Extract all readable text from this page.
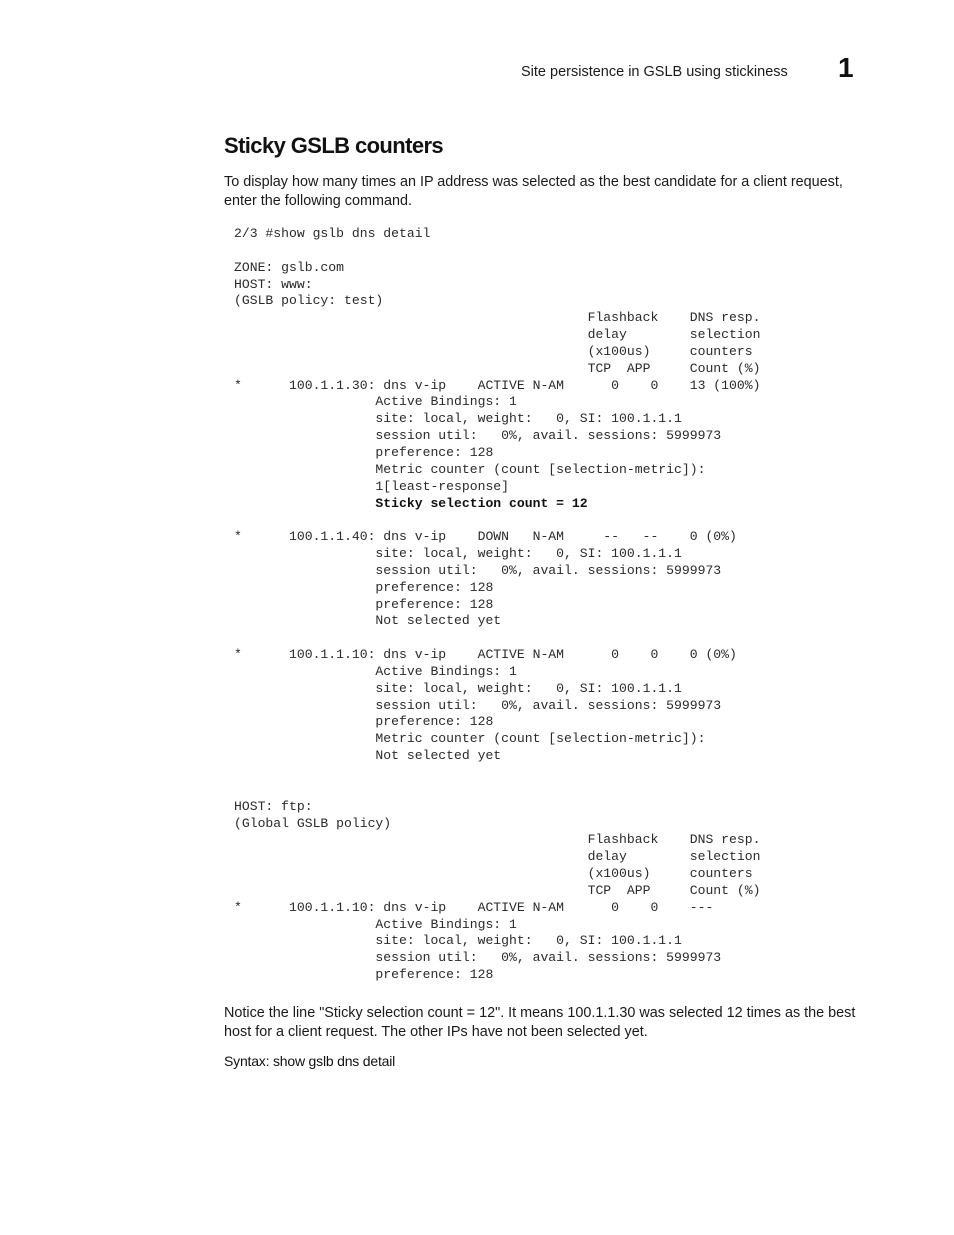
Site persistence in GSLB using stickiness 1
Sticky GSLB counters

To display how many times an IP address was selected as the best candidate for a client request, enter the following command.

2/3 #show gslb dns detail
ZONE: gslb.com
HOST: www:
(GSLB policy: test)
Flashback    DNS resp.
delay        selection
(x100us)     counters
TCP  APP     Count (%)
*      100.1.1.30: dns v-ip    ACTIVE N-AM      0    0    13 (100%)
Active Bindings: 1
site: local, weight:   0, SI: 100.1.1.1
session util:   0%, avail. sessions: 5999973
preference: 128
Metric counter (count [selection-metric]):
1[least-response]
Sticky selection count = 12
*      100.1.1.40: dns v-ip    DOWN   N-AM     --   --    0 (0%)
site: local, weight:   0, SI: 100.1.1.1
session util:   0%, avail. sessions: 5999973
preference: 128
preference: 128
Not selected yet
*      100.1.1.10: dns v-ip    ACTIVE N-AM      0    0    0 (0%)
Active Bindings: 1
site: local, weight:   0, SI: 100.1.1.1
session util:   0%, avail. sessions: 5999973
preference: 128
Metric counter (count [selection-metric]):
Not selected yet
HOST: ftp:
(Global GSLB policy)
Flashback    DNS resp.
delay        selection
(x100us)     counters
TCP  APP     Count (%)
*      100.1.1.10: dns v-ip    ACTIVE N-AM      0    0    ---
Active Bindings: 1
site: local, weight:   0, SI: 100.1.1.1
session util:   0%, avail. sessions: 5999973
preference: 128

Notice the line "Sticky selection count = 12". It means 100.1.1.30 was selected 12 times as the best host for a client request. The other IPs have not been selected yet.

Syntax: show gslb dns detail
